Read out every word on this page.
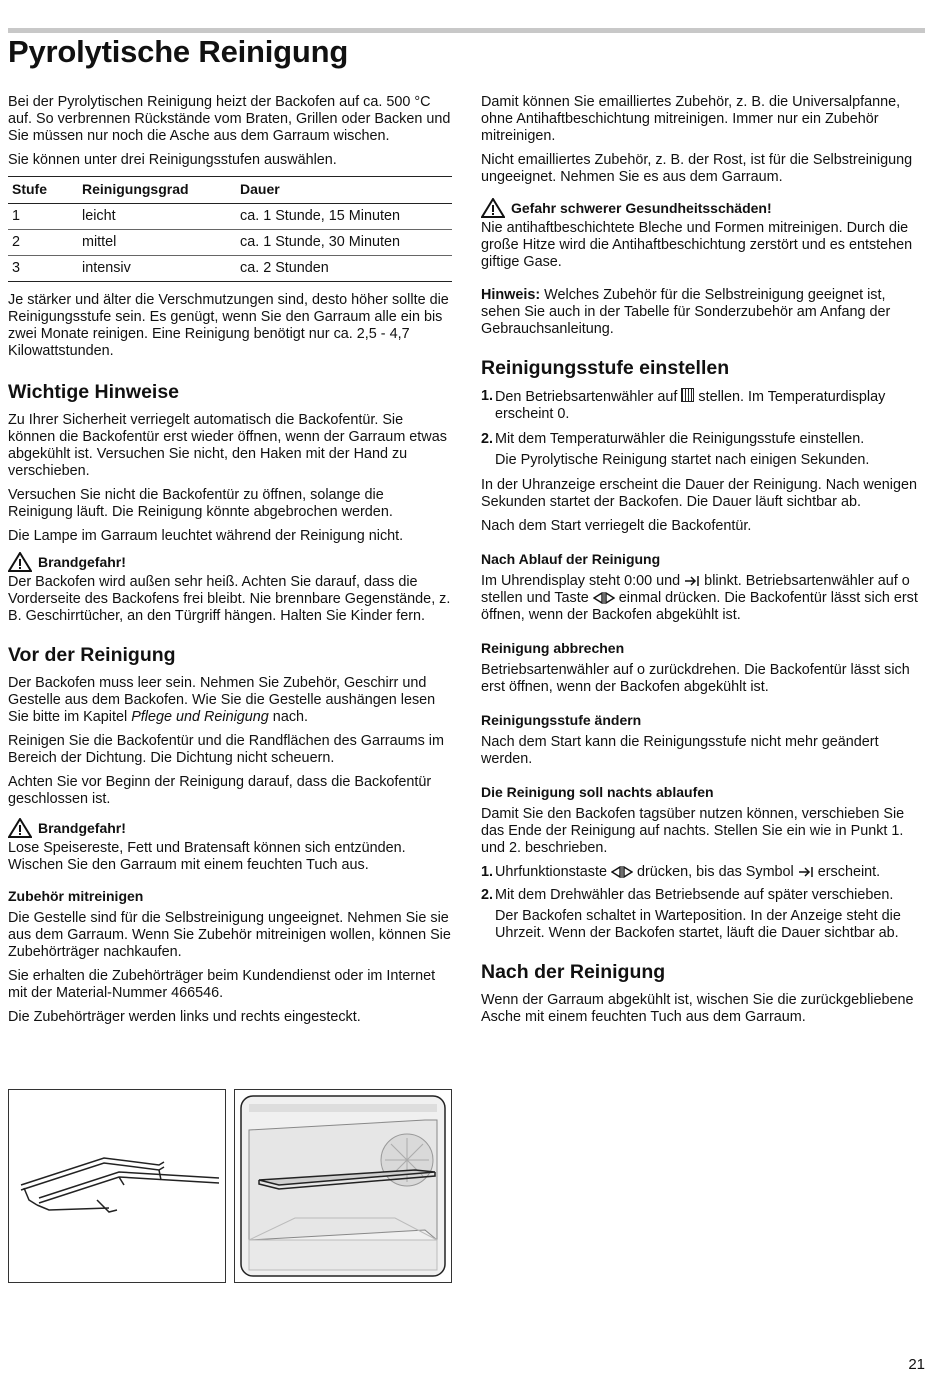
Pyrolytische Reinigung

Bei der Pyrolytischen Reinigung heizt der Backofen auf ca. 500 °C auf. So verbrennen Rückstände vom Braten, Grillen oder Backen und Sie müssen nur noch die Asche aus dem Garraum wischen.

Sie können unter drei Reinigungsstufen auswählen.

Stufe	Reinigungsgrad	Dauer
1	leicht	ca. 1 Stunde, 15 Minuten
2	mittel	ca. 1 Stunde, 30 Minuten
3	intensiv	ca. 2 Stunden

Je stärker und älter die Verschmutzungen sind, desto höher sollte die Reinigungsstufe sein. Es genügt, wenn Sie den Garraum alle ein bis zwei Monate reinigen. Eine Reinigung benötigt nur ca. 2,5 - 4,7 Kilowattstunden.

Wichtige Hinweise

Zu Ihrer Sicherheit verriegelt automatisch die Backofentür. Sie können die Backofentür erst wieder öffnen, wenn der Garraum etwas abgekühlt ist. Versuchen Sie nicht, den Haken mit der Hand zu verschieben.

Versuchen Sie nicht die Backofentür zu öffnen, solange die Reinigung läuft. Die Reinigung könnte abgebrochen werden.

Die Lampe im Garraum leuchtet während der Reinigung nicht.

Brandgefahr!

Der Backofen wird außen sehr heiß. Achten Sie darauf, dass die Vorderseite des Backofens frei bleibt. Nie brennbare Gegenstände, z. B. Geschirrtücher, an den Türgriff hängen. Halten Sie Kinder fern.

Vor der Reinigung

Der Backofen muss leer sein. Nehmen Sie Zubehör, Geschirr und Gestelle aus dem Backofen. Wie Sie die Gestelle aushängen lesen Sie bitte im Kapitel Pflege und Reinigung nach.

Reinigen Sie die Backofentür und die Randflächen des Garraums im Bereich der Dichtung. Die Dichtung nicht scheuern.

Achten Sie vor Beginn der Reinigung darauf, dass die Backofentür geschlossen ist.

Brandgefahr!

Lose Speisereste, Fett und Bratensaft können sich entzünden. Wischen Sie den Garraum mit einem feuchten Tuch aus.

Zubehör mitreinigen

Die Gestelle sind für die Selbstreinigung ungeeignet. Nehmen Sie sie aus dem Garraum. Wenn Sie Zubehör mitreinigen wollen, können Sie Zubehörträger nachkaufen.

Sie erhalten die Zubehörträger beim Kundendienst oder im Internet mit der Material-Nummer 466546.

Die Zubehörträger werden links und rechts eingesteckt.

Damit können Sie emailliertes Zubehör, z. B. die Universalpfanne, ohne Antihaftbeschichtung mitreinigen. Immer nur ein Zubehör mitreinigen.

Nicht emailliertes Zubehör, z. B. der Rost, ist für die Selbstreinigung ungeeignet. Nehmen Sie es aus dem Garraum.

Gefahr schwerer Gesundheitsschäden!

Nie antihaftbeschichtete Bleche und Formen mitreinigen. Durch die große Hitze wird die Antihaftbeschichtung zerstört und es entstehen giftige Gase.

Hinweis: Welches Zubehör für die Selbstreinigung geeignet ist, sehen Sie auch in der Tabelle für Sonderzubehör am Anfang der Gebrauchsanleitung.

Reinigungsstufe einstellen
1. Den Betriebsartenwähler auf  stellen. Im Temperaturdisplay erscheint 0.
2. Mit dem Temperaturwähler die Reinigungsstufe einstellen.
Die Pyrolytische Reinigung startet nach einigen Sekunden.

In der Uhranzeige erscheint die Dauer der Reinigung. Nach wenigen Sekunden startet der Backofen. Die Dauer läuft sichtbar ab.

Nach dem Start verriegelt die Backofentür.

Nach Ablauf der Reinigung

Im Uhrendisplay steht 0:00 und  blinkt. Betriebsartenwähler auf o stellen und Taste  einmal drücken. Die Backofentür lässt sich erst öffnen, wenn der Backofen abgekühlt ist.

Reinigung abbrechen

Betriebsartenwähler auf o zurückdrehen. Die Backofentür lässt sich erst öffnen, wenn der Backofen abgekühlt ist.

Reinigungsstufe ändern

Nach dem Start kann die Reinigungsstufe nicht mehr geändert werden.

Die Reinigung soll nachts ablaufen

Damit Sie den Backofen tagsüber nutzen können, verschieben Sie das Ende der Reinigung auf nachts. Stellen Sie ein wie in Punkt 1. und 2. beschrieben.

1. Uhrfunktionstaste  drücken, bis das Symbol  erscheint.
2. Mit dem Drehwähler das Betriebsende auf später verschieben.
Der Backofen schaltet in Warteposition. In der Anzeige steht die Uhrzeit. Wenn der Backofen startet, läuft die Dauer sichtbar ab.
Nach der Reinigung

Wenn der Garraum abgekühlt ist, wischen Sie die zurückgebliebene Asche mit einem feuchten Tuch aus dem Garraum.

21
